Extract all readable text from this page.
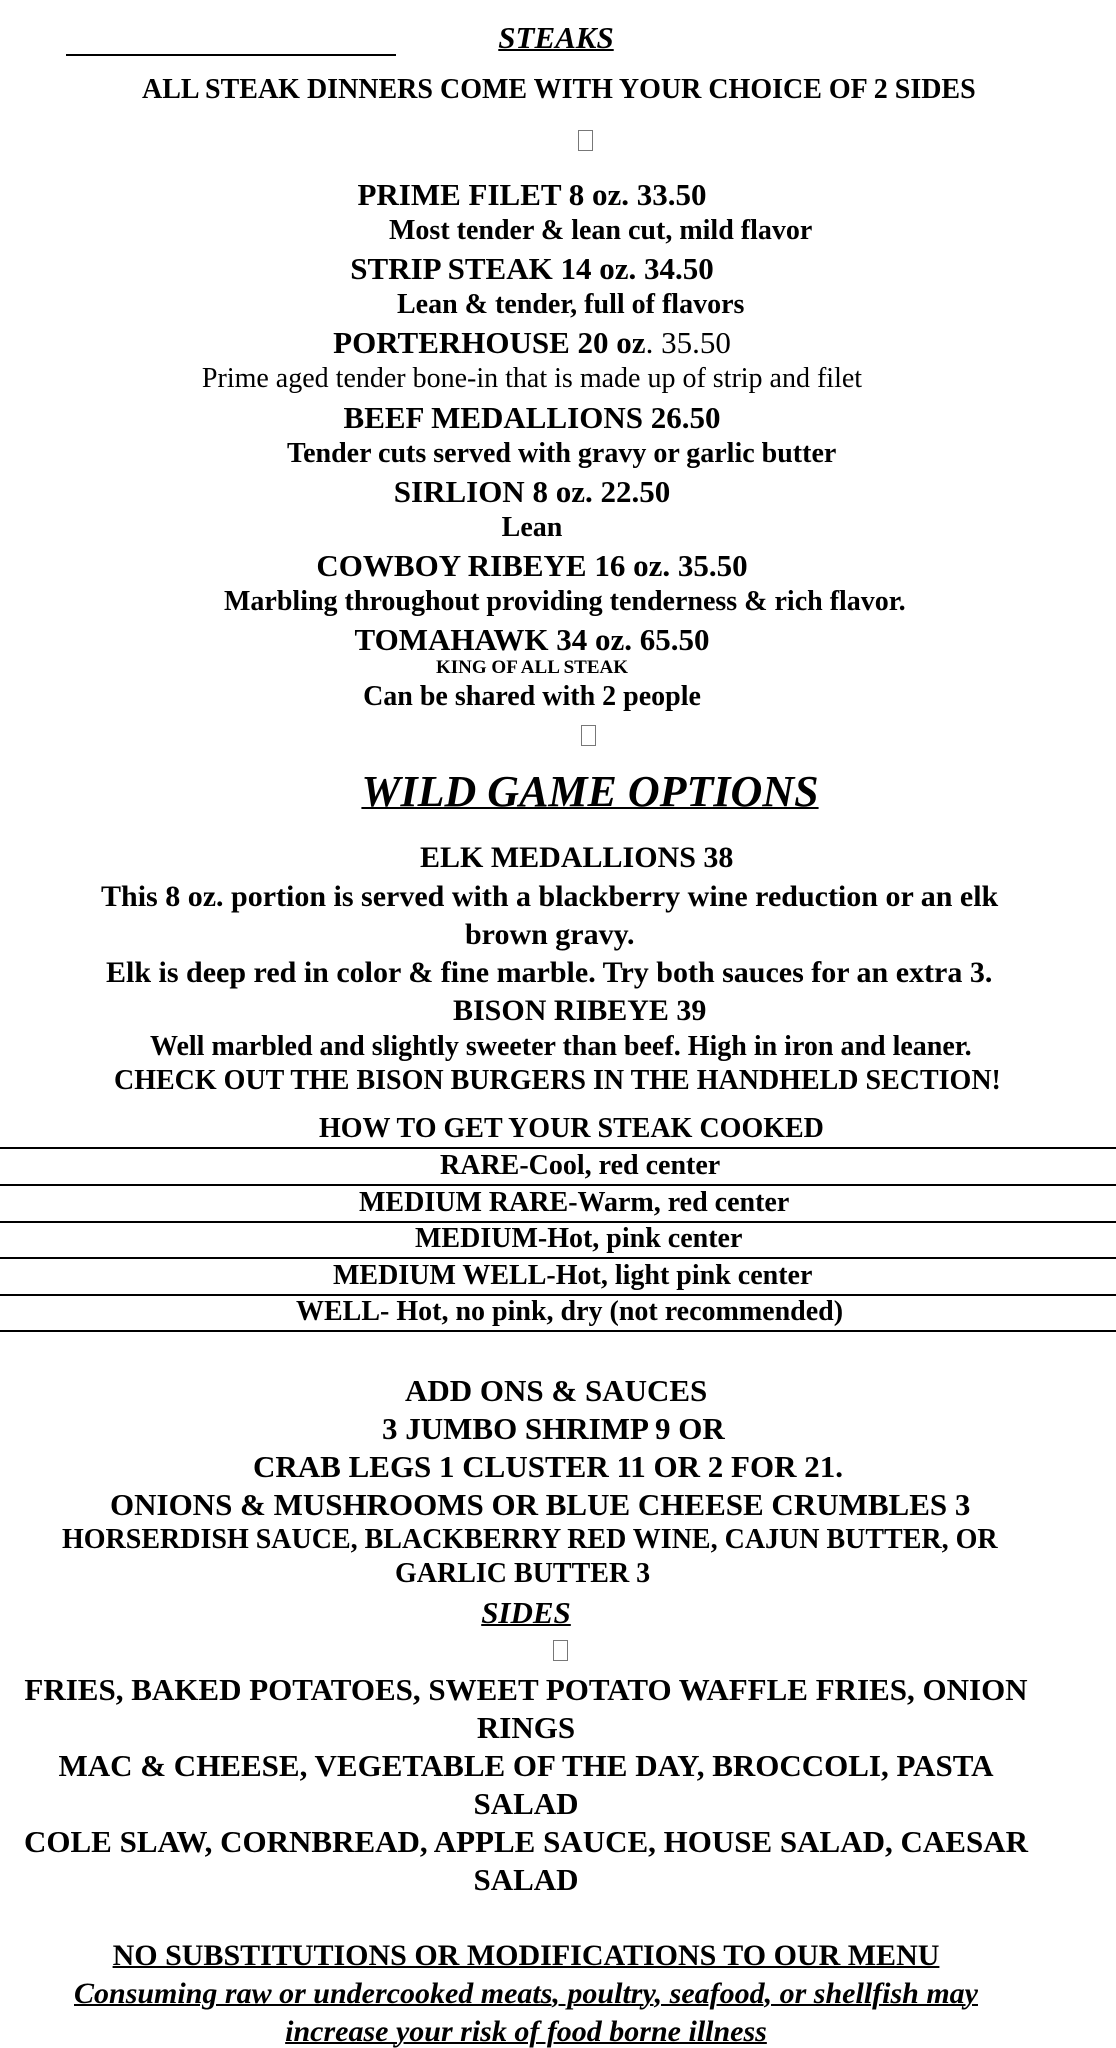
STEAKS
ALL STEAK DINNERS COME WITH YOUR CHOICE OF 2 SIDES
PRIME FILET 8 oz. 33.50
Most tender & lean cut, mild flavor
STRIP STEAK 14 oz. 34.50
Lean & tender, full of flavors
PORTERHOUSE 20 oz. 35.50
Prime aged tender bone-in that is made up of strip and filet
BEEF MEDALLIONS 26.50
Tender cuts served with gravy or garlic butter
SIRLION 8 oz. 22.50
Lean
COWBOY RIBEYE 16 oz. 35.50
Marbling throughout providing tenderness & rich flavor.
TOMAHAWK 34 oz. 65.50
KING OF ALL STEAK
Can be shared with 2 people
WILD GAME OPTIONS
ELK MEDALLIONS 38
This 8 oz. portion is served with a blackberry wine reduction or an elk
brown gravy.
Elk is deep red in color & fine marble. Try both sauces for an extra 3.
BISON RIBEYE 39
Well marbled and slightly sweeter than beef. High in iron and leaner.
CHECK OUT THE BISON BURGERS IN THE HANDHELD SECTION!
HOW TO GET YOUR STEAK COOKED
RARE-Cool, red center
MEDIUM RARE-Warm, red center
MEDIUM-Hot, pink center
MEDIUM WELL-Hot, light pink center
WELL- Hot, no pink, dry (not recommended)
ADD ONS & SAUCES
3 JUMBO SHRIMP 9 OR
CRAB LEGS 1 CLUSTER 11 OR 2 FOR 21.
ONIONS & MUSHROOMS OR BLUE CHEESE CRUMBLES 3
HORSERDISH SAUCE, BLACKBERRY RED WINE, CAJUN BUTTER, OR
GARLIC BUTTER 3
SIDES
FRIES, BAKED POTATOES, SWEET POTATO WAFFLE FRIES, ONION
RINGS
MAC & CHEESE, VEGETABLE OF THE DAY, BROCCOLI, PASTA
SALAD
COLE SLAW, CORNBREAD, APPLE SAUCE, HOUSE SALAD, CAESAR
SALAD
NO SUBSTITUTIONS OR MODIFICATIONS TO OUR MENU
Consuming raw or undercooked meats, poultry, seafood, or shellfish may
increase your risk of food borne illness
